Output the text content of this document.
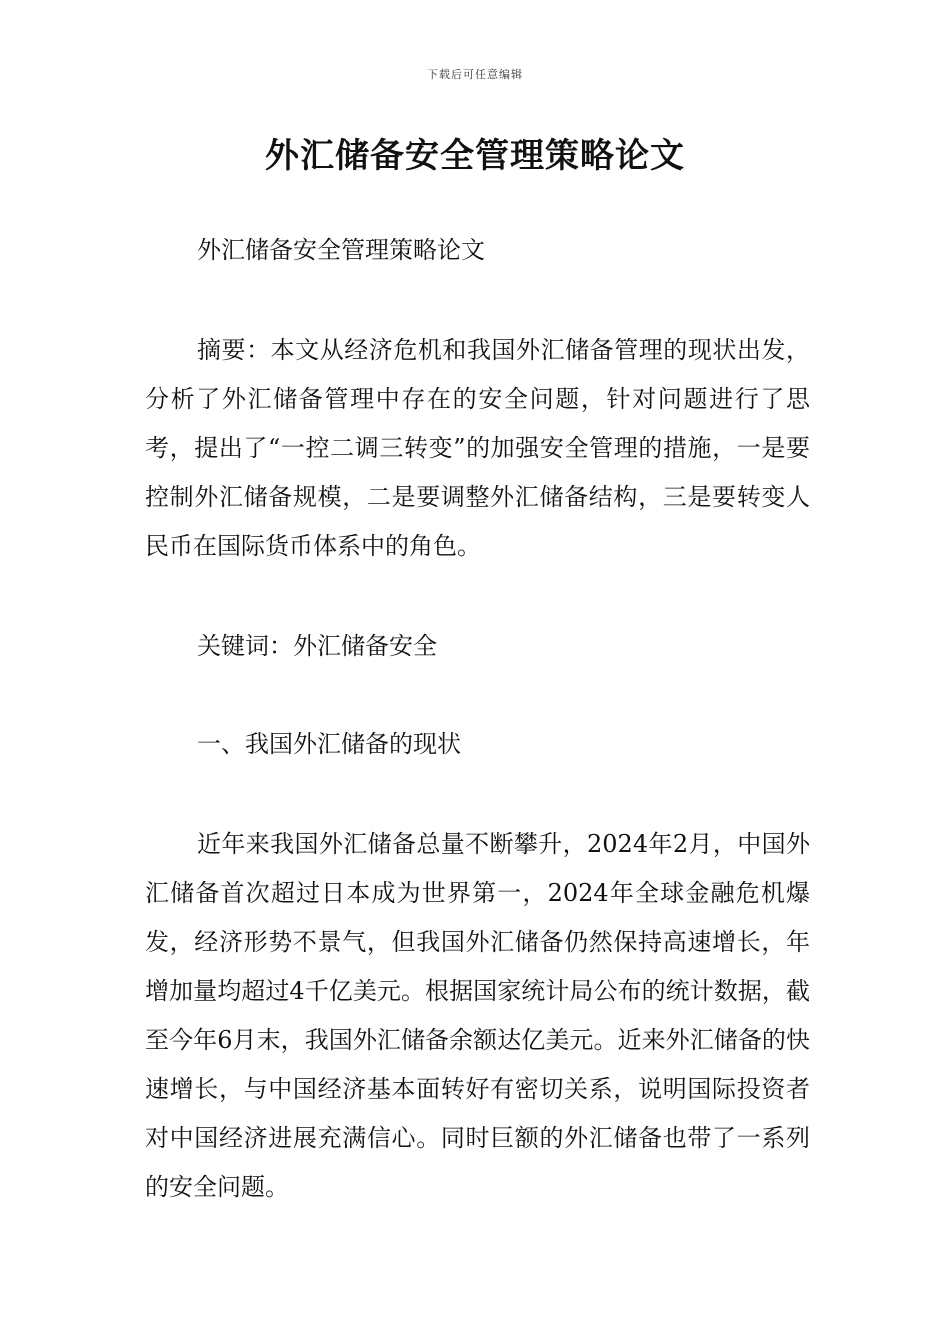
下载后可任意编辑
外汇储备安全管理策略论文

外汇储备安全管理策略论文

摘要：本文从经济危机和我国外汇储备管理的现状出发，分析了外汇储备管理中存在的安全问题，针对问题进行了思考，提出了“一控二调三转变”的加强安全管理的措施，一是要控制外汇储备规模，二是要调整外汇储备结构，三是要转变人民币在国际货币体系中的角色。

关键词：外汇储备安全

一、我国外汇储备的现状

近年来我国外汇储备总量不断攀升，2024年2月，中国外汇储备首次超过日本成为世界第一，2024年全球金融危机爆发，经济形势不景气，但我国外汇储备仍然保持高速增长，年增加量均超过4千亿美元。根据国家统计局公布的统计数据，截至今年6月末，我国外汇储备余额达亿美元。近来外汇储备的快速增长，与中国经济基本面转好有密切关系，说明国际投资者对中国经济进展充满信心。同时巨额的外汇储备也带了一系列的安全问题。
